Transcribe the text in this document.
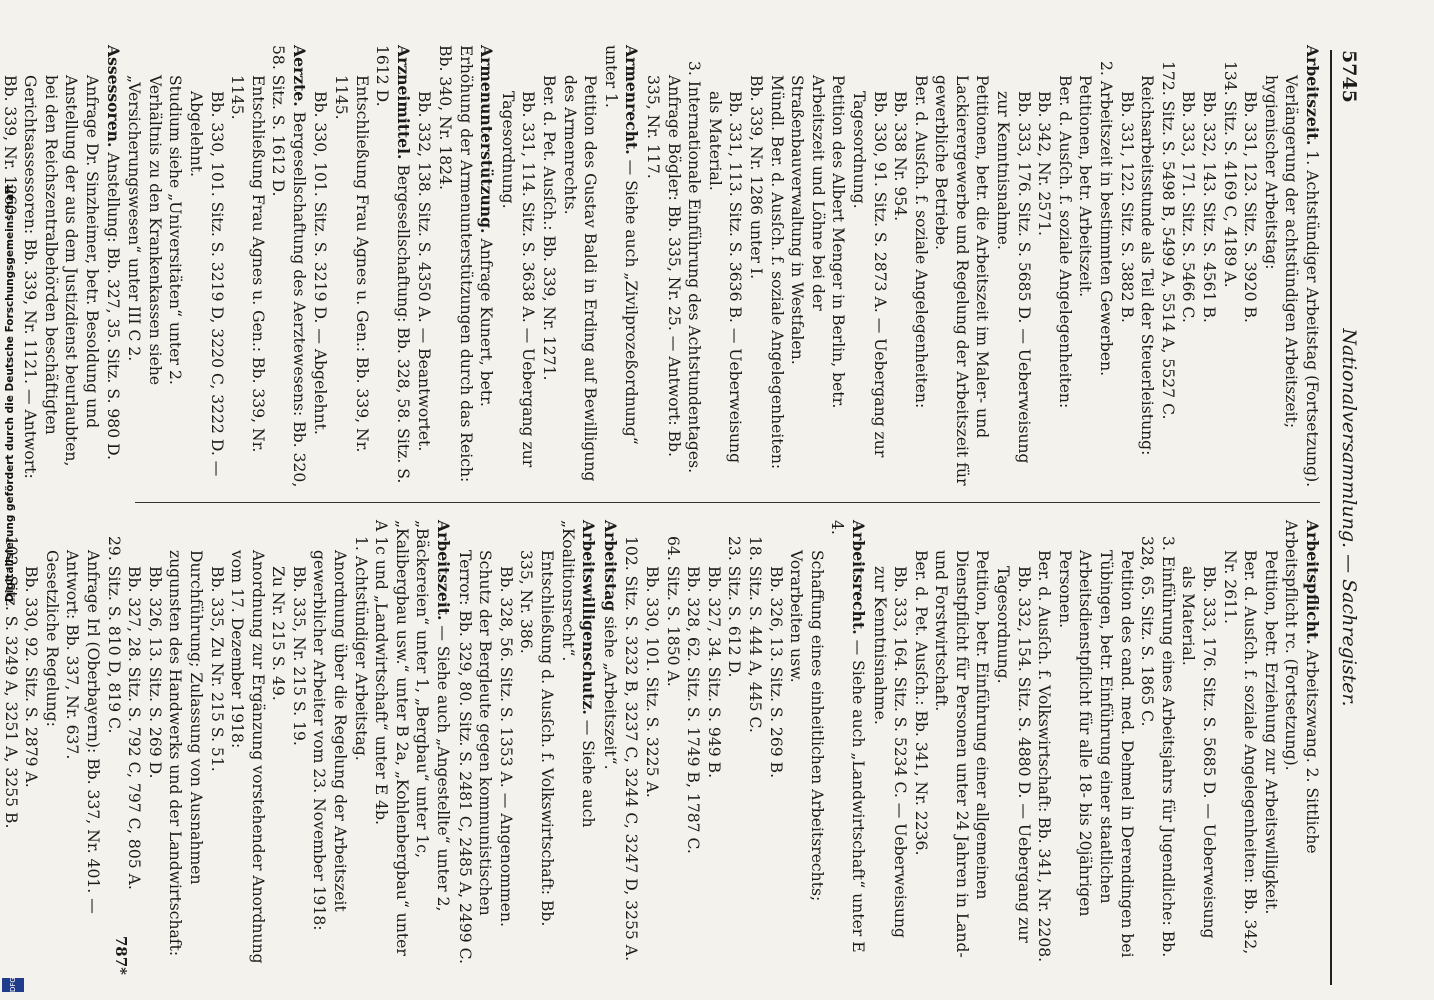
5745
Nationalversammlung. — Sachregister.

Arbeitszeit. 1. Achtstündiger Arbeitstag (Fortsetzung).

Verlängerung der achtstündigen Arbeitszeit; hygienischer Arbeitstag:

Bb. 331, 123. Sitz. S. 3920 B.

134. Sitz. S. 4169 C, 4189 A.

Bb. 332, 143. Sitz. S. 4561 B.

Bb. 333, 171. Sitz. S. 5466 C.

172. Sitz. S. 5498 B, 5499 A, 5514 A, 5527 C.

Reichsarbeitsstunde als Teil der Steuerleistung:

Bb. 331, 122. Sitz. S. 3882 B.

2. Arbeitszeit in bestimmten Gewerben.

Petitionen, betr. Arbeitszeit.

Ber. d. Ausſch. f. soziale Angelegenheiten:

Bb. 342, Nr. 2571.

Bb. 333, 176. Sitz. S. 5685 D. — Ueberweisung zur Kenntnisnahme.

Petitionen, betr. die Arbeitszeit im Maler- und Lackierergewerbe und Regelung der Arbeitszeit für gewerbliche Betriebe.

Ber. d. Ausſch. f. soziale Angelegenheiten:

Bb. 338 Nr. 954.

Bb. 330, 91. Sitz. S. 2873 A. — Uebergang zur Tagesordnung.

Petition des Albert Menger in Berlin, betr. Arbeitszeit und Löhne bei der Straßenbauverwaltung in Westfalen.

Mündl. Ber. d. Ausſch. f. soziale Angelegenheiten: Bb. 339, Nr. 1286 unter I.

Bb. 331, 113. Sitz. S. 3636 B. — Ueberweisung als Material.

3. Internationale Einführung des Achtstundentages.

Anfrage Bögler: Bb. 335, Nr. 25. — Antwort: Bb. 335, Nr. 117.

Armenrecht. — Siehe auch „Zivilprozeßordnung“ unter 1.

Petition des Gustav Baldi in Erding auf Bewilligung des Armenrechts.

Ber. d. Pet. Ausſch.: Bb. 339, Nr. 1271.

Bb. 331, 114. Sitz. S. 3638 A. — Uebergang zur Tagesordnung.

Armenunterstützung. Anfrage Kunert, betr. Erhöhung der Armenunterstützungen durch das Reich: Bb. 340, Nr. 1824.

Bb. 332, 138. Sitz. S. 4350 A. — Beantwortet.

Arzneimittel. Bergesellschaftung: Bb. 328, 58. Sitz. S. 1612 D.

Entschließung Frau Agnes u. Gen.: Bb. 339, Nr. 1145.

Bb. 330, 101. Sitz. S. 3219 D. — Abgelehnt.

Aerzte. Bergesellschaftung des Aerztewesens: Bb. 320, 58. Sitz. S. 1612 D.

Entschließung Frau Agnes u. Gen.: Bb. 339, Nr. 1145.

Bb. 330, 101. Sitz. S. 3219 D, 3220 C, 3222 D. — Abgelehnt.

Studium siehe „Universitäten“ unter 2.

Verhältnis zu den Krankenkassen siehe „Versicherungswesen“ unter III C 2.

Assessoren. Anstellung: Bb. 327, 35. Sitz. S. 980 D.

Anfrage Dr. Sinzheimer, betr. Besoldung und Anstellung der aus dem Justizdienst beurlaubten, bei den Reichszentralbehörden beschäftigten Gerichtsassessoren: Bb. 339, Nr. 1121. — Antwort: Bb. 339, Nr. 1260.

Arbeitspflicht. Arbeitszwang. 2. Sittliche Arbeitspflicht rc. (Fortsetzung).

Petition, betr. Erziehung zur Arbeitswilligkeit.

Ber. d. Ausſch. f. soziale Angelegenheiten: Bb. 342, Nr. 2611.

Bb. 333, 176. Sitz. S. 5685 D. — Ueberweisung als Material.

3. Einführung eines Arbeitsjahrs für Jugendliche: Bb. 328, 65. Sitz. S. 1865 C.

Petition des cand. med. Dehmel in Derendingen bei Tübingen, betr. Einführung einer staatlichen Arbeitsdienstpflicht für alle 18- bis 20jährigen Personen.

Ber. d. Ausſch. f. Volkswirtschaft: Bb. 341, Nr. 2208.

Bb. 332, 154. Sitz. S. 4880 D. — Uebergang zur Tagesordnung.

Petition, betr. Einführung einer allgemeinen Dienstpflicht für Personen unter 24 Jahren in Land- und Forstwirtschaft.

Ber. d. Pet. Ausſch.: Bb. 341, Nr. 2236.

Bb. 333, 164. Sitz. S. 5234 C. — Ueberweisung zur Kenntnisnahme.

Arbeitsrecht. — Siehe auch „Landwirtschaft“ unter E 4.

Schaffung eines einheitlichen Arbeitsrechts; Vorarbeiten usw.

Bb. 326, 13. Sitz. S. 269 B.

18. Sitz. S. 444 A, 445 C.

23. Sitz. S. 612 D.

Bb. 327, 34. Sitz. S. 949 B.

Bb. 328, 62. Sitz. S. 1749 B, 1787 C.

64. Sitz. S. 1850 A.

Bb. 330, 101. Sitz. S. 3225 A.

102. Sitz. S. 3232 B, 3237 C, 3244 C, 3247 D, 3255 A.

Arbeitstag siehe „Arbeitszeit“.

Arbeitswilligenschutz. — Siehe auch „Koalitionsrecht“.

Entschließung d. Ausſch. f. Volkswirtschaft: Bb. 335, Nr. 386.

Bb. 328, 56. Sitz. S. 1353 A. — Angenommen.

Schutz der Bergleute gegen kommunistischen Terror: Bb. 329, 80. Sitz. S. 2481 C, 2485 A, 2499 C.

Arbeitszeit. — Siehe auch „Angestellte“ unter 2, „Bäckereien“ unter 1, „Bergbau“ unter 1c, „Kalibergbau usw.“ unter B 2a, „Kohlenbergbau“ unter A 1c und „Landwirtschaft“ unter E 4b.

1. Achtstündiger Arbeitstag.

Anordnung über die Regelung der Arbeitszeit gewerblicher Arbeiter vom 23. November 1918:

Bb. 335, Nr. 215 S. 19.

Zu Nr. 215 S. 49.

Anordnung zur Ergänzung vorstehender Anordnung vom 17. Dezember 1918:

Bb. 335, Zu Nr. 215 S. 51.

Durchführung; Zulassung von Ausnahmen zugunsten des Handwerks und der Landwirtschaft:

Bb. 326, 13. Sitz. S. 269 D.

Bb. 327, 28. Sitz. S. 792 C, 797 C, 805 A.

29. Sitz. S. 810 D, 819 C.

Anfrage Irl (Oberbayern): Bb. 337, Nr. 401. — Antwort: Bb. 337, Nr. 637.

Gesetzliche Regelung:

Bb. 330, 92. Sitz. S. 2879 A.

102. Sitz. S. 3249 A, 3251 A, 3255 B.

787*
Digitalisierung gefördert durch die Deutsche Forschungsgemeinschaft
DFG
